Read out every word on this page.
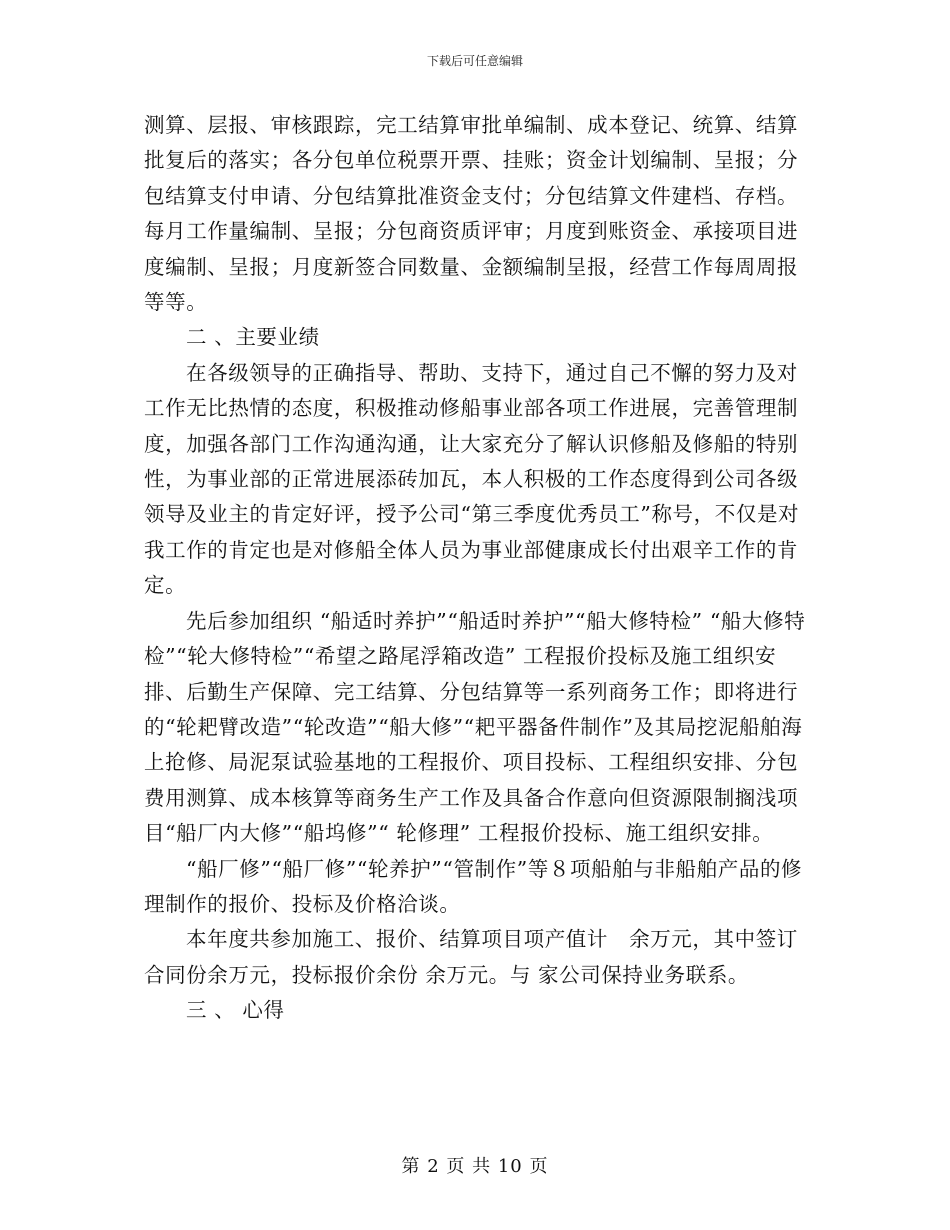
下载后可任意编辑

测算、层报、审核跟踪，完工结算审批单编制、成本登记、统算、结算批复后的落实；各分包单位税票开票、挂账；资金计划编制、呈报；分包结算支付申请、分包结算批准资金支付；分包结算文件建档、存档。每月工作量编制、呈报；分包商资质评审；月度到账资金、承接项目进度编制、呈报；月度新签合同数量、金额编制呈报，经营工作每周周报等等。

二 、主要业绩

在各级领导的正确指导、帮助、支持下，通过自己不懈的努力及对工作无比热情的态度，积极推动修船事业部各项工作进展，完善管理制度，加强各部门工作沟通沟通，让大家充分了解认识修船及修船的特别性，为事业部的正常进展添砖加瓦，本人积极的工作态度得到公司各级领导及业主的肯定好评，授予公司“第三季度优秀员工”称号，不仅是对我工作的肯定也是对修船全体人员为事业部健康成长付出艰辛工作的肯定。

先后参加组织 “船适时养护”“船适时养护”“船大修特检” “船大修特检”“轮大修特检”“希望之路尾浮箱改造” 工程报价投标及施工组织安排、后勤生产保障、完工结算、分包结算等一系列商务工作；即将进行的“轮耙臂改造”“轮改造”“船大修”“耙平器备件制作”及其局挖泥船舶海上抢修、局泥泵试验基地的工程报价、项目投标、工程组织安排、分包费用测算、成本核算等商务生产工作及具备合作意向但资源限制搁浅项目“船厂内大修”“船坞修”“ 轮修理” 工程报价投标、施工组织安排。

“船厂修”“船厂修”“轮养护”“管制作”等８项船舶与非船舶产品的修理制作的报价、投标及价格洽谈。

本年度共参加施工、报价、结算项目项产值计　余万元，其中签订合同份余万元，投标报价余份 余万元。与 家公司保持业务联系。

三 、 心得

第 2 页 共 10 页
